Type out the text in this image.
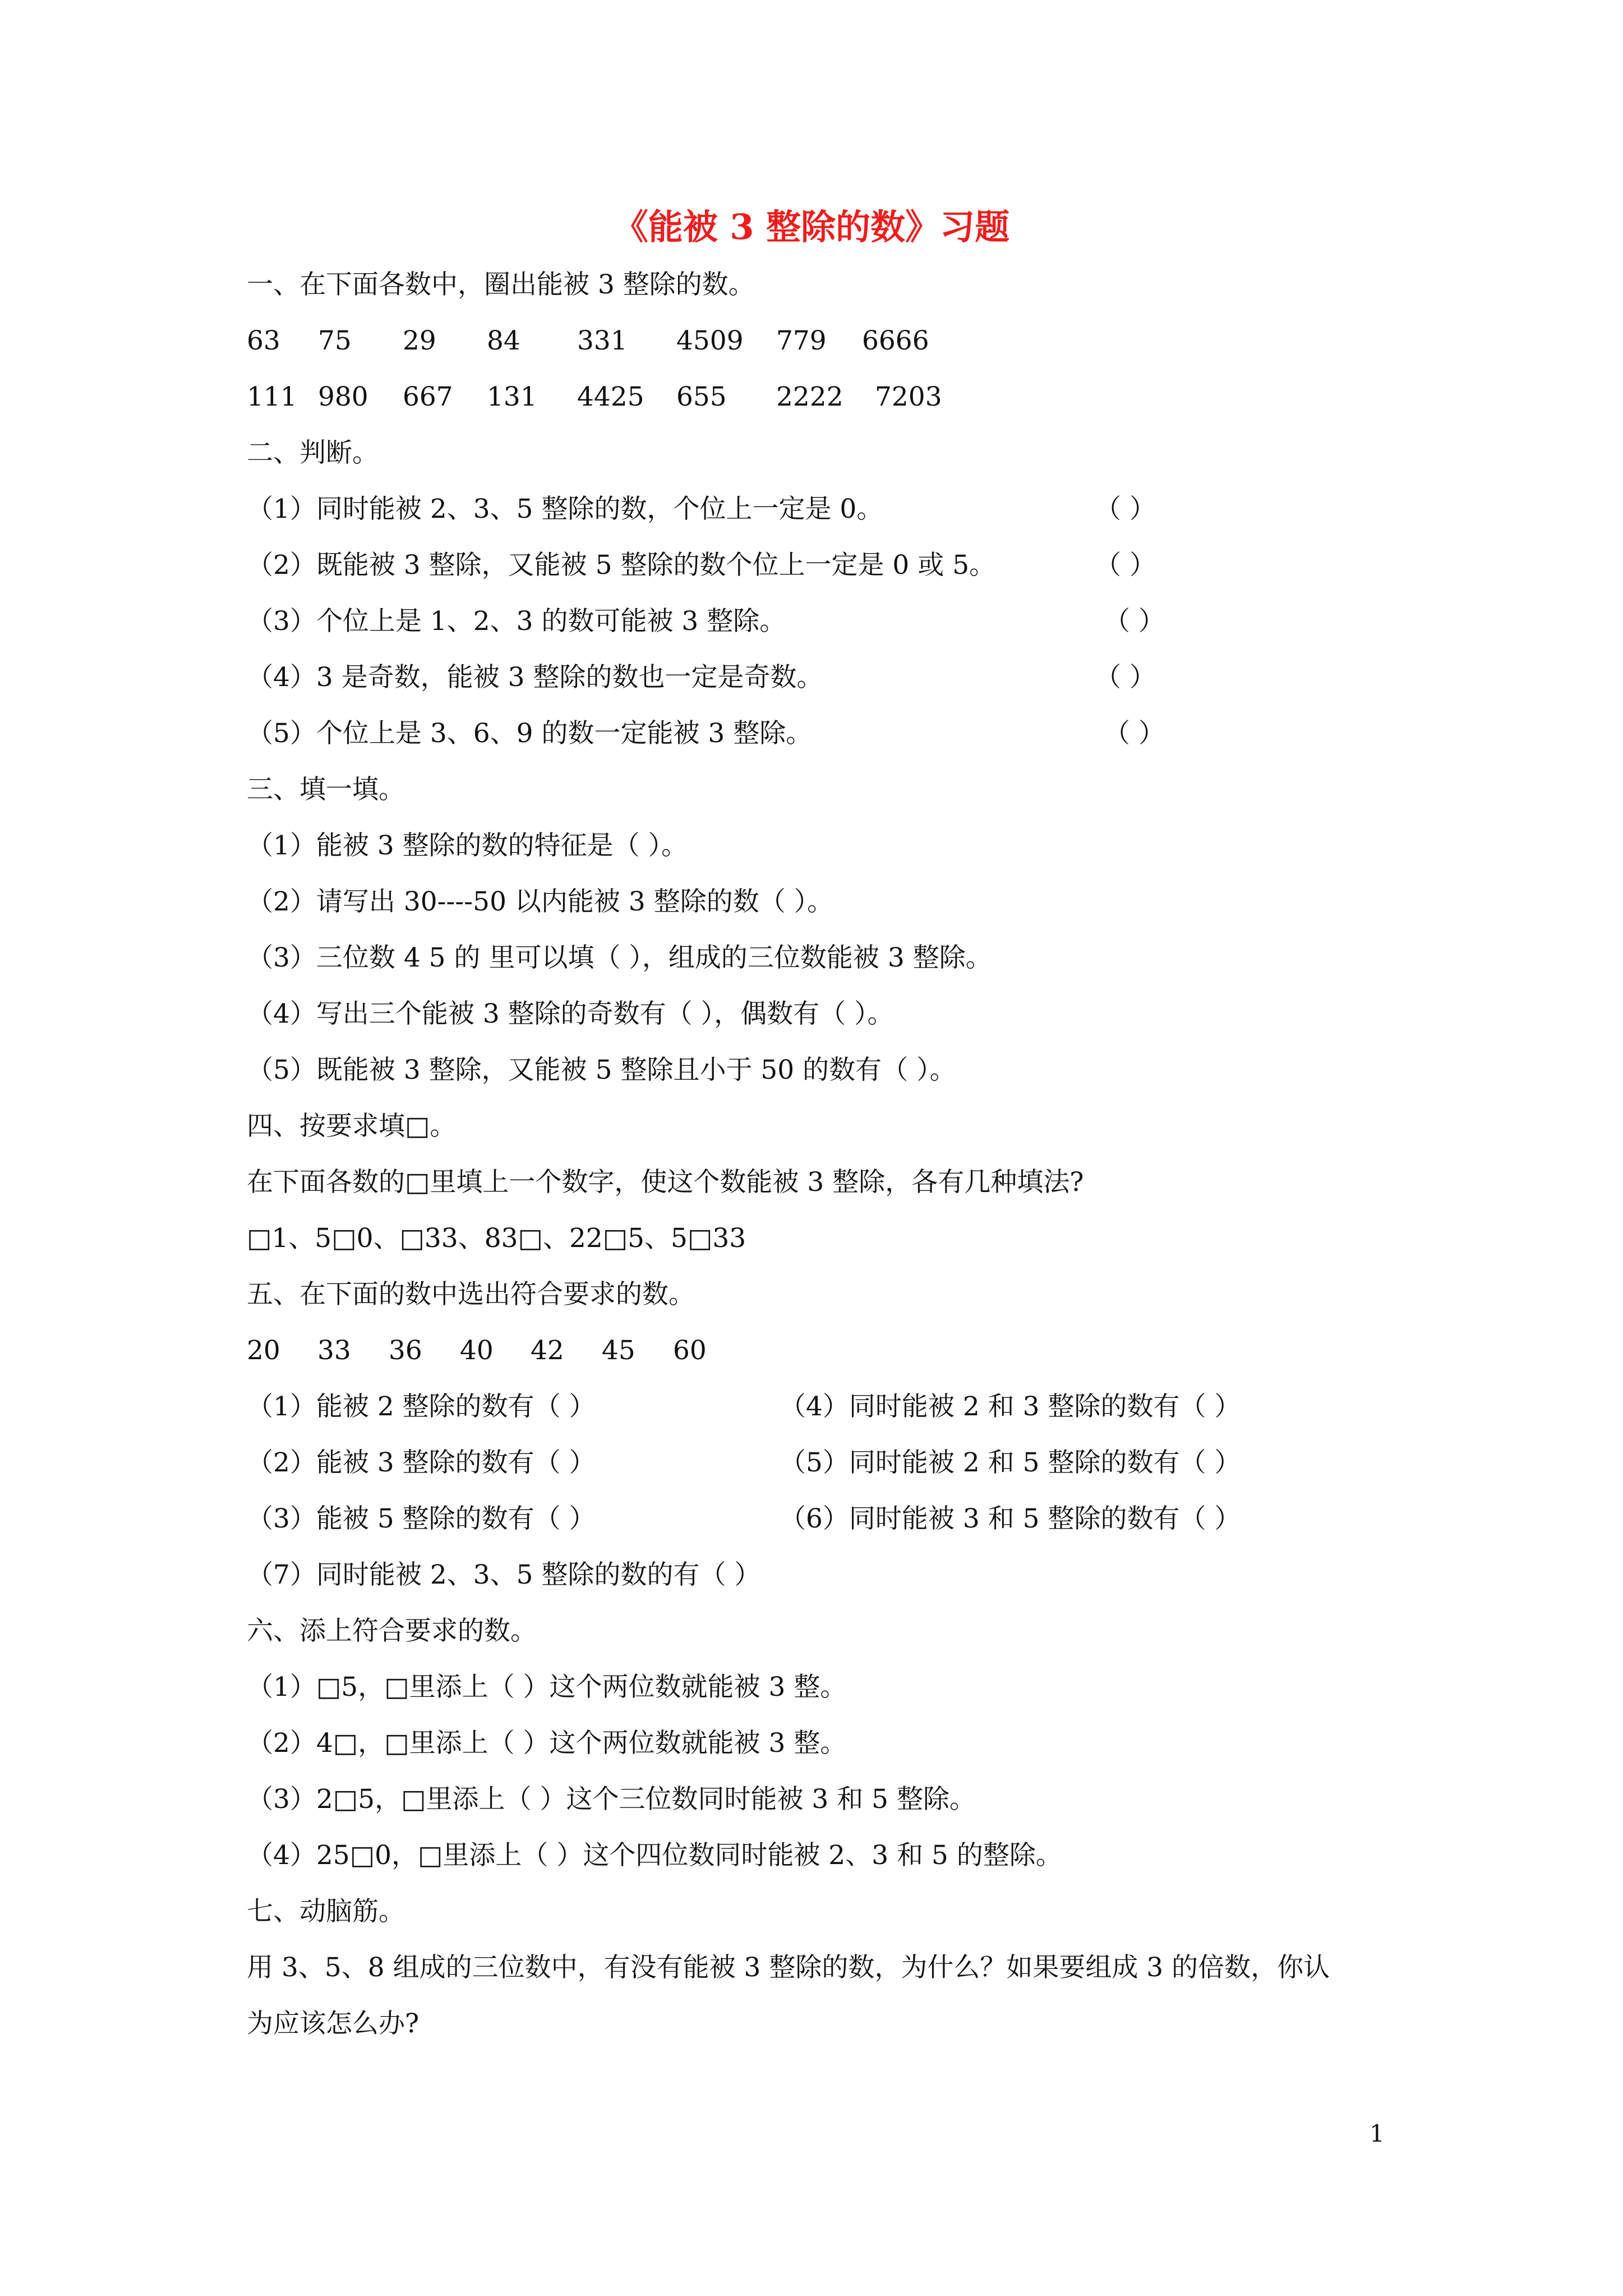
《能被 3 整除的数》习题
一、在下面各数中，圈出能被 3 整除的数。
63 75 29 84 331 4509 779 6666
111 980 667 131 4425 655 2222 7203
二、判断。
（1）同时能被 2、3、5 整除的数，个位上一定是 0。	（ ）
（2）既能被 3 整除，又能被 5 整除的数个位上一定是 0 或 5。	（ ）
（3）个位上是 1、2、3 的数可能被 3 整除。	（ ）
（4）3 是奇数，能被 3 整除的数也一定是奇数。	（ ）
（5）个位上是 3、6、9 的数一定能被 3 整除。	（ ）
三、填一填。
（1）能被 3 整除的数的特征是（ ）。
（2）请写出 30----50 以内能被 3 整除的数（ ）。
（3）三位数 4 5 的 里可以填（ ），组成的三位数能被 3 整除。
（4）写出三个能被 3 整除的奇数有（ ），偶数有（ ）。
（5）既能被 3 整除，又能被 5 整除且小于 50 的数有（ ）。
四、按要求填□。
在下面各数的□里填上一个数字，使这个数能被 3 整除，各有几种填法?
□1、5□0、□33、83□、22□5、5□33
五、在下面的数中选出符合要求的数。
20 33 36 40 42 45 60
（1）能被 2 整除的数有（ ）	（4）同时能被 2 和 3 整除的数有（ ）
（2）能被 3 整除的数有（ ）	（5）同时能被 2 和 5 整除的数有（ ）
（3）能被 5 整除的数有（ ）	（6）同时能被 3 和 5 整除的数有（ ）
（7）同时能被 2、3、5 整除的数的有（ ）
六、添上符合要求的数。
（1）□5，□里添上（ ）这个两位数就能被 3 整。
（2）4□，□里添上（ ）这个两位数就能被 3 整。
（3）2□5，□里添上（ ）这个三位数同时能被 3 和 5 整除。
（4）25□0，□里添上（ ）这个四位数同时能被 2、3 和 5 的整除。
七、动脑筋。
用 3、5、8 组成的三位数中，有没有能被 3 整除的数，为什么？如果要组成 3 的倍数，你认
为应该怎么办?
1
